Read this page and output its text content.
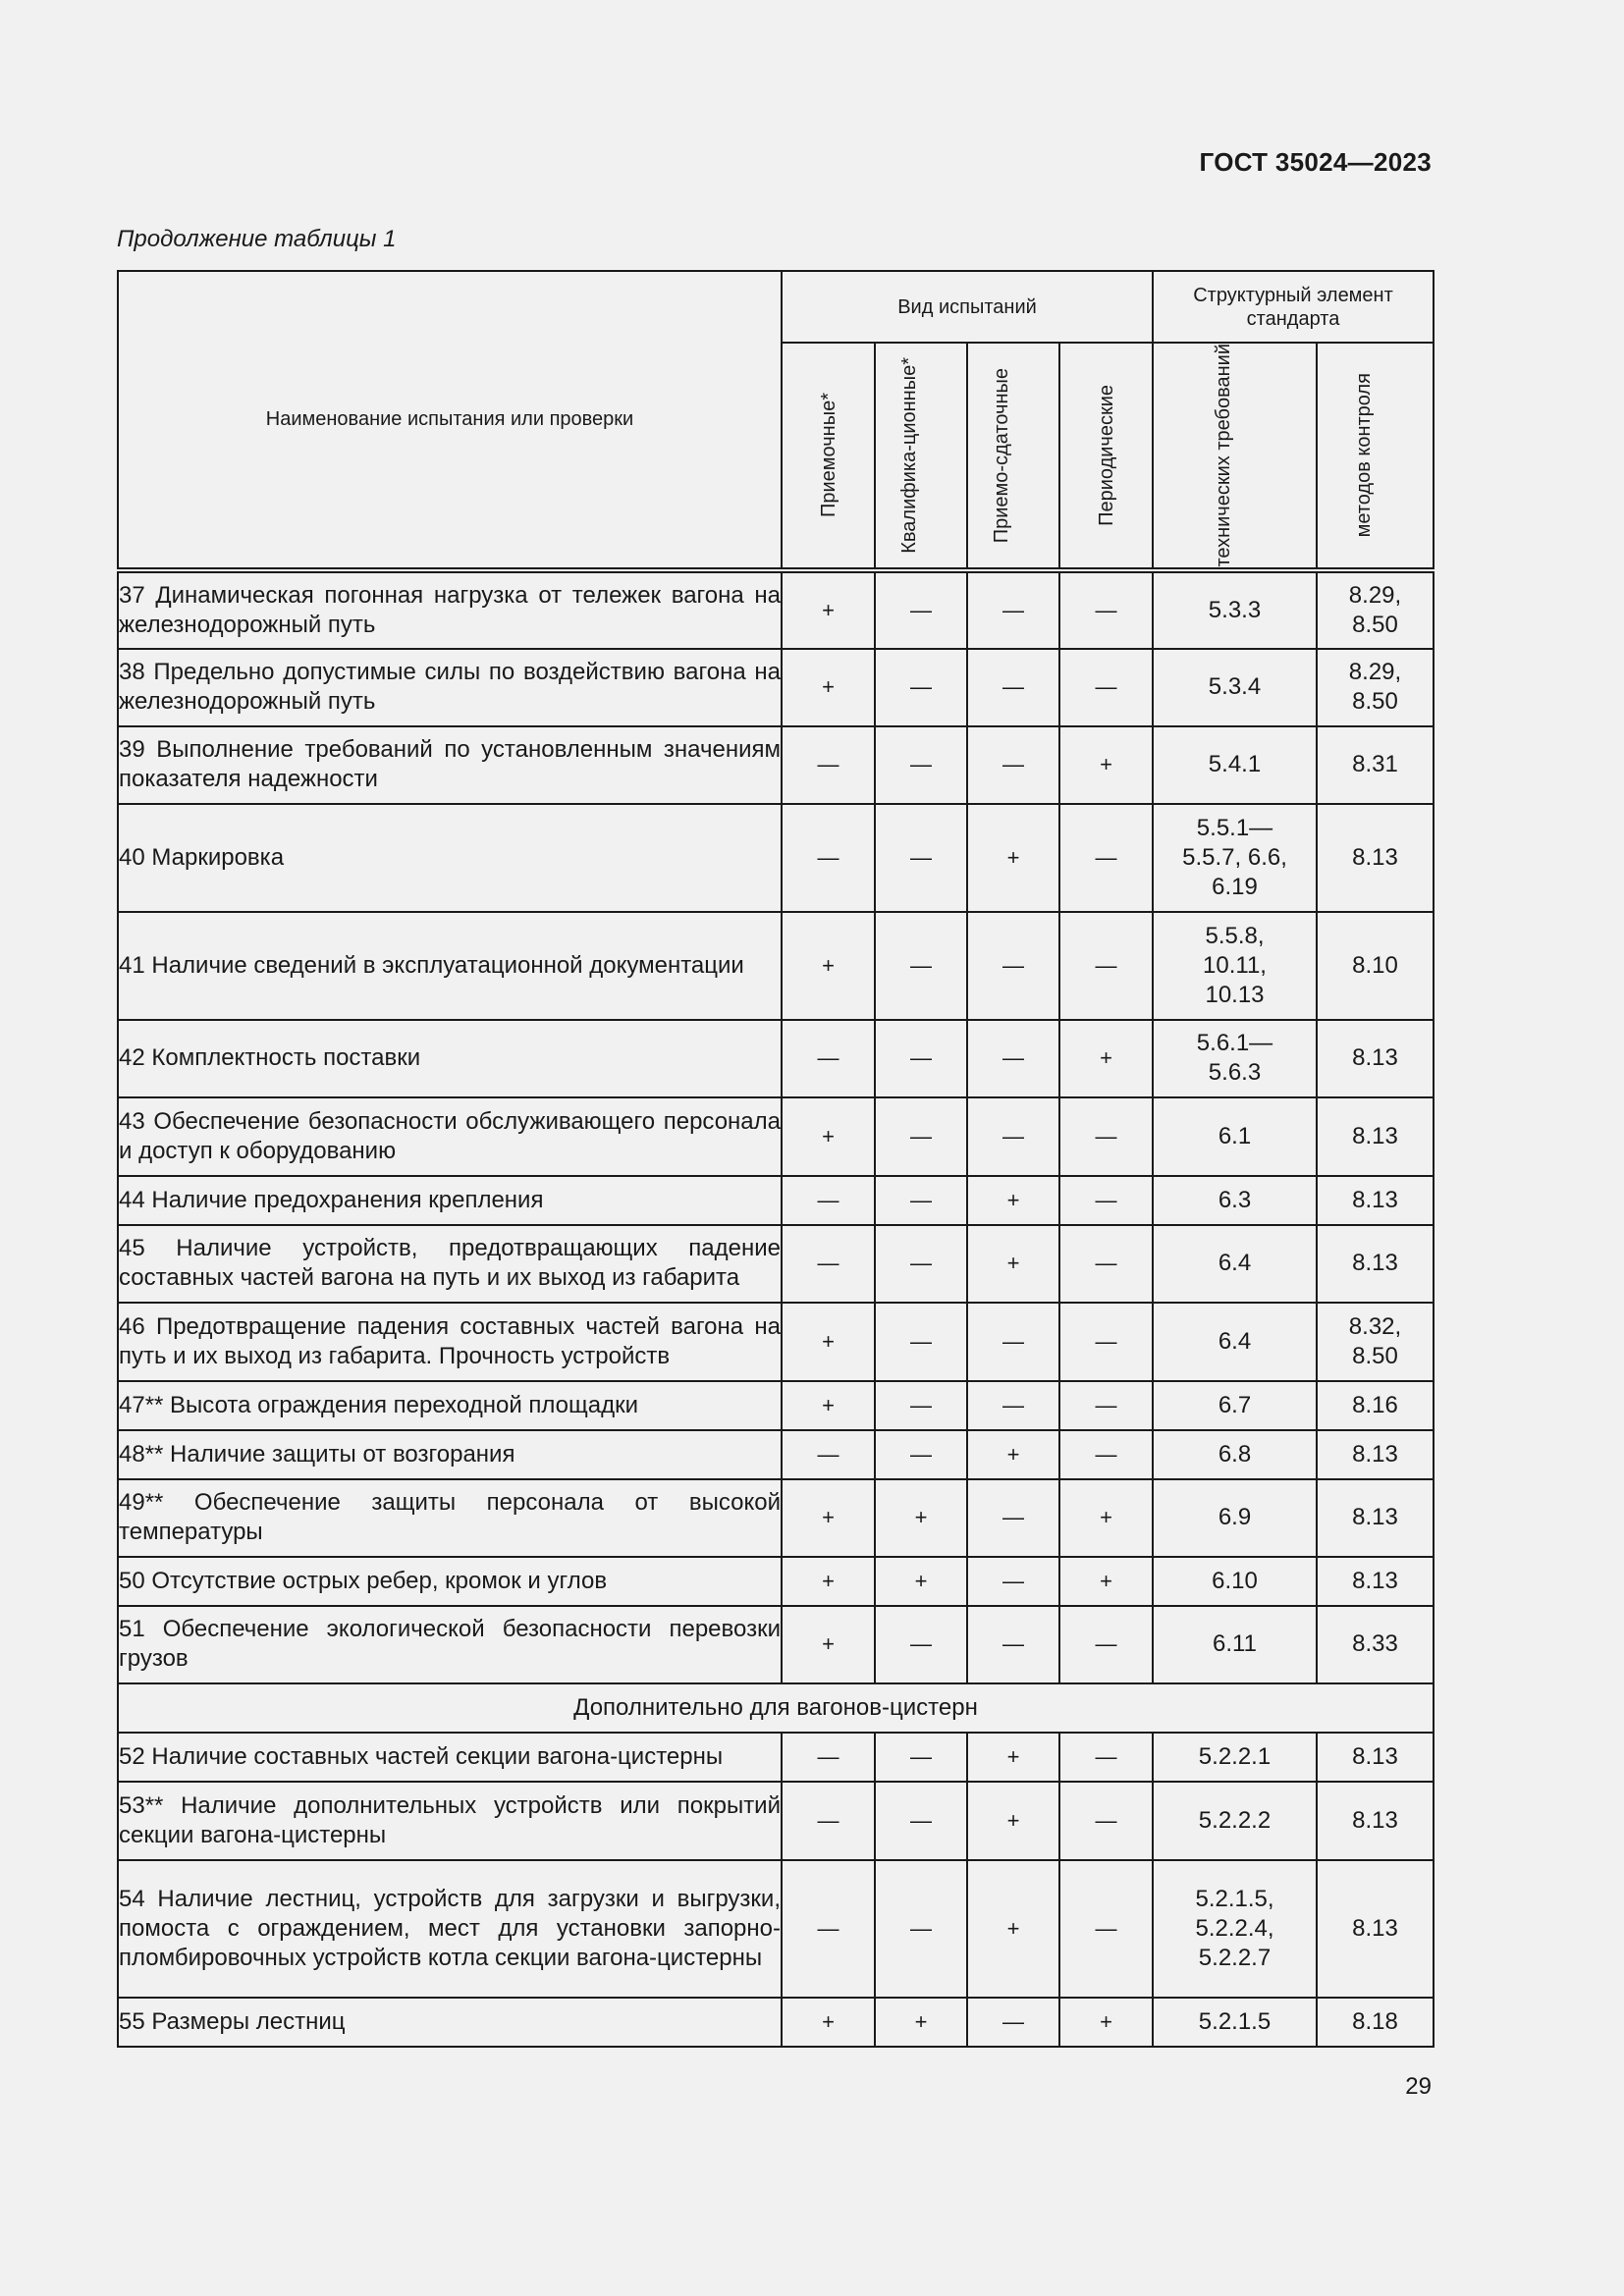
ГОСТ 35024—2023
Продолжение таблицы 1
Наименование испытания или проверки	Вид испытаний				Структурный элемент стандарта	

	Приемочные*	Квалифика-ционные*	Приемо-сдаточные	Периодические	технических требований	методов контроля

37 Динамическая погонная нагрузка от тележек вагона на железнодорожный путь	+	—	—	—	5.3.3	8.29, 8.50
38 Предельно допустимые силы по воздействию вагона на железнодорожный путь	+	—	—	—	5.3.4	8.29, 8.50
39 Выполнение требований по установленным значениям показателя надежности	—	—	—	+	5.4.1	8.31
40 Маркировка	—	—	+	—	5.5.1— 5.5.7, 6.6, 6.19	8.13
41 Наличие сведений в эксплуатационной документации	+	—	—	—	5.5.8, 10.11, 10.13	8.10
42 Комплектность поставки	—	—	—	+	5.6.1— 5.6.3	8.13
43 Обеспечение безопасности обслуживающего персонала и доступ к оборудованию	+	—	—	—	6.1	8.13
44 Наличие предохранения крепления	—	—	+	—	6.3	8.13
45 Наличие устройств, предотвращающих падение составных частей вагона на путь и их выход из габарита	—	—	+	—	6.4	8.13
46 Предотвращение падения составных частей вагона на путь и их выход из габарита. Прочность устройств	+	—	—	—	6.4	8.32, 8.50
47** Высота ограждения переходной площадки	+	—	—	—	6.7	8.16
48** Наличие защиты от возгорания	—	—	+	—	6.8	8.13
49** Обеспечение защиты персонала от высокой температуры	+	+	—	+	6.9	8.13
50 Отсутствие острых ребер, кромок и углов	+	+	—	+	6.10	8.13
51 Обеспечение экологической безопасности перевозки грузов	+	—	—	—	6.11	8.33
Дополнительно для вагонов-цистерн						
52 Наличие составных частей секции вагона-цистерны	—	—	+	—	5.2.2.1	8.13
53** Наличие дополнительных устройств или покрытий секции вагона-цистерны	—	—	+	—	5.2.2.2	8.13
54 Наличие лестниц, устройств для загрузки и выгрузки, помоста с ограждением, мест для установки запорно-пломбировочных устройств котла секции вагона-цистерны	—	—	+	—	5.2.1.5, 5.2.2.4, 5.2.2.7	8.13
55 Размеры лестниц	+	+	—	+	5.2.1.5	8.18
29
